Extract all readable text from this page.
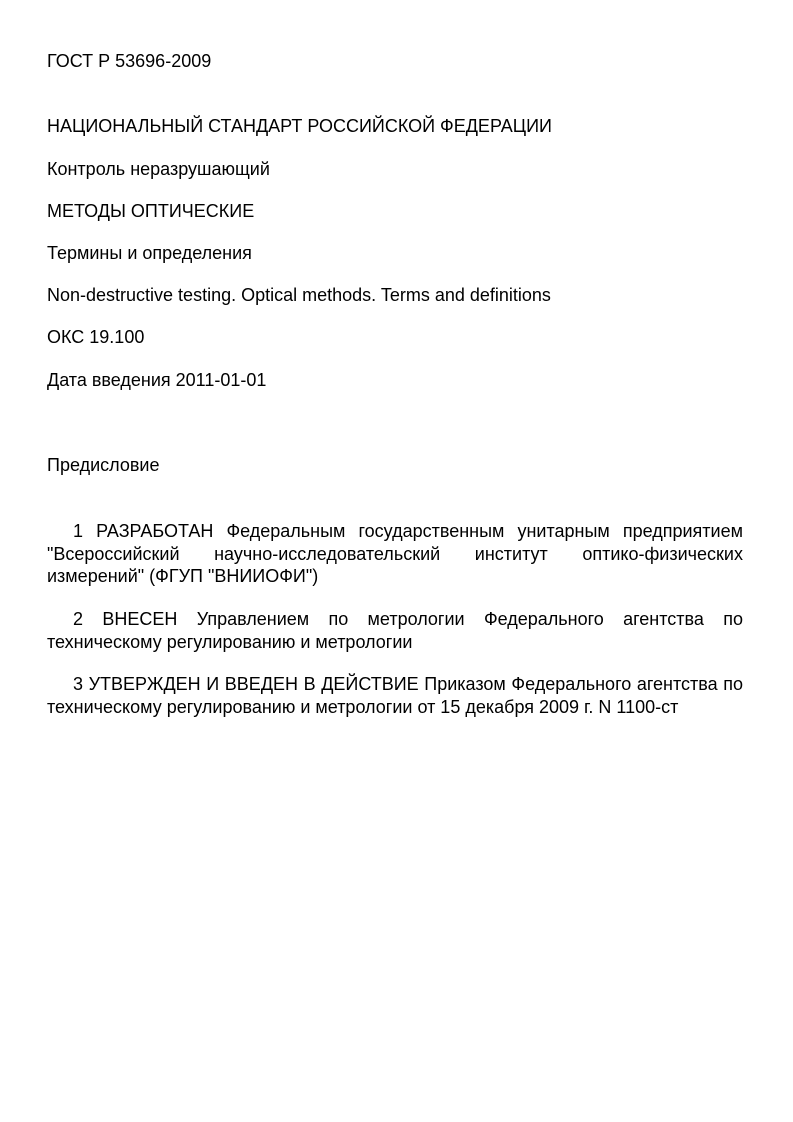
ГОСТ Р 53696-2009
НАЦИОНАЛЬНЫЙ СТАНДАРТ РОССИЙСКОЙ ФЕДЕРАЦИИ
Контроль неразрушающий
МЕТОДЫ ОПТИЧЕСКИЕ
Термины и определения
Non-destructive testing. Optical methods. Terms and definitions
ОКС 19.100
Дата введения 2011-01-01
Предисловие
1 РАЗРАБОТАН Федеральным государственным унитарным предприятием "Всероссийский научно-исследовательский институт оптико-физических измерений" (ФГУП "ВНИИОФИ")
2 ВНЕСЕН Управлением по метрологии Федерального агентства по техническому регулированию и метрологии
3 УТВЕРЖДЕН И ВВЕДЕН В ДЕЙСТВИЕ Приказом Федерального агентства по техническому регулированию и метрологии от 15 декабря 2009 г. N 1100-ст
